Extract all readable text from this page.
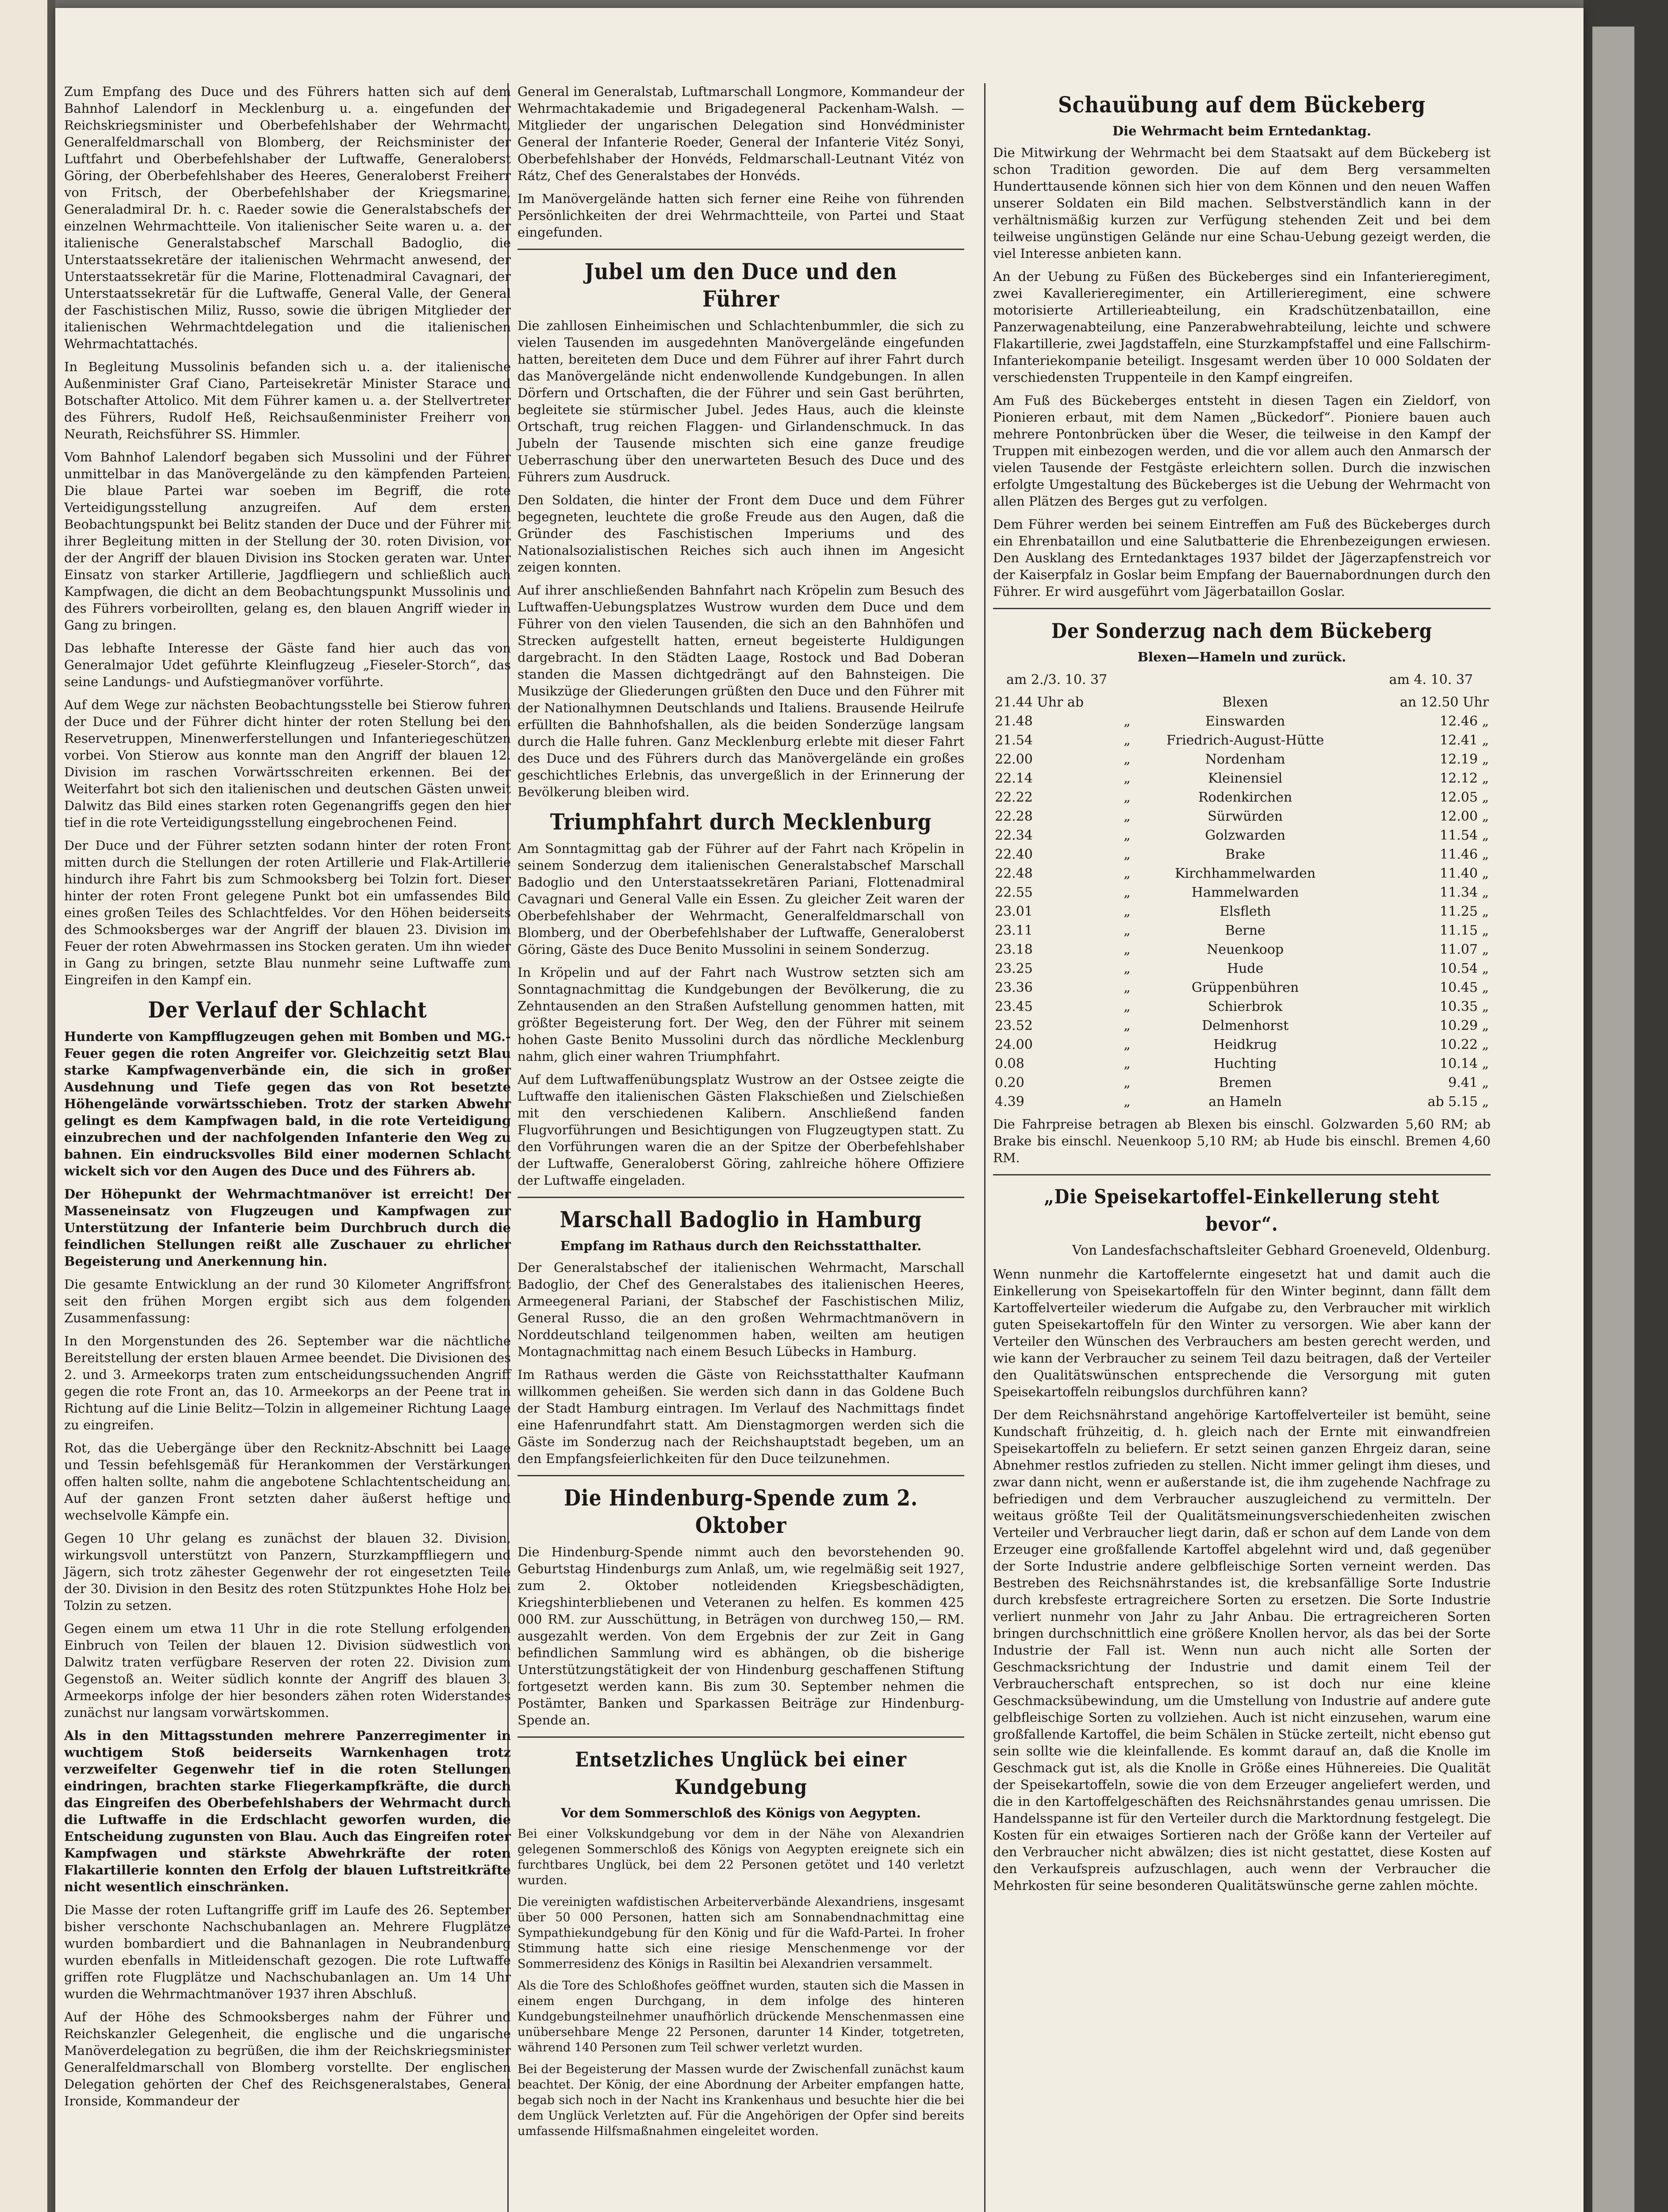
Zum Empfang des Duce und des Führers hatten sich auf dem Bahnhof Lalendorf in Mecklenburg u. a. eingefunden der Reichskriegsminister und Oberbefehlshaber der Wehrmacht, Generalfeldmarschall von Blomberg, der Reichsminister der Luftfahrt und Oberbefehlshaber der Luftwaffe, Generaloberst Göring, der Oberbefehlshaber des Heeres, Generaloberst Freiherr von Fritsch, der Oberbefehlshaber der Kriegsmarine, Generaladmiral Dr. h. c. Raeder sowie die Generalstabschefs der einzelnen Wehrmachtteile. Von italienischer Seite waren u. a. der italienische Generalstabschef Marschall Badoglio, die Unterstaatssekretäre der italienischen Wehrmacht anwesend, der Unterstaatssekretär für die Marine, Flottenadmiral Cavagnari, der Unterstaatssekretär für die Luftwaffe, General Valle, der General der Faschistischen Miliz, Russo, sowie die übrigen Mitglieder der italienischen Wehrmachtdelegation und die italienischen Wehrmachtattachés.

In Begleitung Mussolinis befanden sich u. a. der italienische Außenminister Graf Ciano, Parteisekretär Minister Starace und Botschafter Attolico. Mit dem Führer kamen u. a. der Stellvertreter des Führers, Rudolf Heß, Reichsaußenminister Freiherr von Neurath, Reichsführer SS. Himmler.

Vom Bahnhof Lalendorf begaben sich Mussolini und der Führer unmittelbar in das Manövergelände zu den kämpfenden Parteien. Die blaue Partei war soeben im Begriff, die rote Verteidigungsstellung anzugreifen. Auf dem ersten Beobachtungspunkt bei Belitz standen der Duce und der Führer mit ihrer Begleitung mitten in der Stellung der 30. roten Division, vor der der Angriff der blauen Division ins Stocken geraten war. Unter Einsatz von starker Artillerie, Jagdfliegern und schließlich auch Kampfwagen, die dicht an dem Beobachtungspunkt Mussolinis und des Führers vorbeirollten, gelang es, den blauen Angriff wieder in Gang zu bringen.

Das lebhafte Interesse der Gäste fand hier auch das von Generalmajor Udet geführte Kleinflugzeug „Fieseler-Storch“, das seine Landungs- und Aufstiegmanöver vorführte.

Auf dem Wege zur nächsten Beobachtungsstelle bei Stierow fuhren der Duce und der Führer dicht hinter der roten Stellung bei den Reservetruppen, Minenwerferstellungen und Infanteriegeschützen vorbei. Von Stierow aus konnte man den Angriff der blauen 12. Division im raschen Vorwärtsschreiten erkennen. Bei der Weiterfahrt bot sich den italienischen und deutschen Gästen unweit Dalwitz das Bild eines starken roten Gegenangriffs gegen den hier tief in die rote Verteidigungsstellung eingebrochenen Feind.

Der Duce und der Führer setzten sodann hinter der roten Front mitten durch die Stellungen der roten Artillerie und Flak-Artillerie hindurch ihre Fahrt bis zum Schmooksberg bei Tolzin fort. Dieser hinter der roten Front gelegene Punkt bot ein umfassendes Bild eines großen Teiles des Schlachtfeldes. Vor den Höhen beiderseits des Schmooksberges war der Angriff der blauen 23. Division im Feuer der roten Abwehrmassen ins Stocken geraten. Um ihn wieder in Gang zu bringen, setzte Blau nunmehr seine Luftwaffe zum Eingreifen in den Kampf ein.

Der Verlauf der Schlacht

Hunderte von Kampfflugzeugen gehen mit Bomben und MG.-Feuer gegen die roten Angreifer vor. Gleichzeitig setzt Blau starke Kampfwagenverbände ein, die sich in großer Ausdehnung und Tiefe gegen das von Rot besetzte Höhengelände vorwärtsschieben. Trotz der starken Abwehr gelingt es dem Kampfwagen bald, in die rote Verteidigung einzubrechen und der nachfolgenden Infanterie den Weg zu bahnen. Ein eindrucksvolles Bild einer modernen Schlacht wickelt sich vor den Augen des Duce und des Führers ab.

Der Höhepunkt der Wehrmachtmanöver ist erreicht! Der Masseneinsatz von Flugzeugen und Kampfwagen zur Unterstützung der Infanterie beim Durchbruch durch die feindlichen Stellungen reißt alle Zuschauer zu ehrlicher Begeisterung und Anerkennung hin.

Die gesamte Entwicklung an der rund 30 Kilometer Angriffsfront seit den frühen Morgen ergibt sich aus dem folgenden Zusammenfassung:

In den Morgenstunden des 26. September war die nächtliche Bereitstellung der ersten blauen Armee beendet. Die Divisionen des 2. und 3. Armeekorps traten zum entscheidungssuchenden Angriff gegen die rote Front an, das 10. Armeekorps an der Peene trat in Richtung auf die Linie Belitz—Tolzin in allgemeiner Richtung Laage zu eingreifen.

Rot, das die Uebergänge über den Recknitz-Abschnitt bei Laage und Tessin befehlsgemäß für Herankommen der Verstärkungen offen halten sollte, nahm die angebotene Schlachtentscheidung an. Auf der ganzen Front setzten daher äußerst heftige und wechselvolle Kämpfe ein.

Gegen 10 Uhr gelang es zunächst der blauen 32. Division, wirkungsvoll unterstützt von Panzern, Sturzkampffliegern und Jägern, sich trotz zähester Gegenwehr der rot eingesetzten Teile der 30. Division in den Besitz des roten Stützpunktes Hohe Holz bei Tolzin zu setzen.

Gegen einem um etwa 11 Uhr in die rote Stellung erfolgenden Einbruch von Teilen der blauen 12. Division südwestlich von Dalwitz traten verfügbare Reserven der roten 22. Division zum Gegenstoß an. Weiter südlich konnte der Angriff des blauen 3. Armeekorps infolge der hier besonders zähen roten Widerstandes zunächst nur langsam vorwärtskommen.

Als in den Mittagsstunden mehrere Panzerregimenter in wuchtigem Stoß beiderseits Warnkenhagen trotz verzweifelter Gegenwehr tief in die roten Stellungen eindringen, brachten starke Fliegerkampfkräfte, die durch das Eingreifen des Oberbefehlshabers der Wehrmacht durch die Luftwaffe in die Erdschlacht geworfen wurden, die Entscheidung zugunsten von Blau. Auch das Eingreifen roter Kampfwagen und stärkste Abwehrkräfte der roten Flakartillerie konnten den Erfolg der blauen Luftstreitkräfte nicht wesentlich einschränken.

Die Masse der roten Luftangriffe griff im Laufe des 26. September bisher verschonte Nachschubanlagen an. Mehrere Flugplätze wurden bombardiert und die Bahnanlagen in Neubrandenburg wurden ebenfalls in Mitleidenschaft gezogen. Die rote Luftwaffe griffen rote Flugplätze und Nachschubanlagen an. Um 14 Uhr wurden die Wehrmachtmanöver 1937 ihren Abschluß.

Auf der Höhe des Schmooksberges nahm der Führer und Reichskanzler Gelegenheit, die englische und die ungarische Manöverdelegation zu begrüßen, die ihm der Reichskriegsminister Generalfeldmarschall von Blomberg vorstellte. Der englischen Delegation gehörten der Chef des Reichsgeneralstabes, General Ironside, Kommandeur der

General im Generalstab, Luftmarschall Longmore, Kommandeur der Wehrmachtakademie und Brigadegeneral Packenham-Walsh. — Mitglieder der ungarischen Delegation sind Honvédminister General der Infanterie Roeder, General der Infanterie Vitéz Sonyi, Oberbefehlshaber der Honvéds, Feldmarschall-Leutnant Vitéz von Rátz, Chef des Generalstabes der Honvéds.

Im Manövergelände hatten sich ferner eine Reihe von führenden Persönlichkeiten der drei Wehrmachtteile, von Partei und Staat eingefunden.

Jubel um den Duce und den Führer

Die zahllosen Einheimischen und Schlachtenbummler, die sich zu vielen Tausenden im ausgedehnten Manövergelände eingefunden hatten, bereiteten dem Duce und dem Führer auf ihrer Fahrt durch das Manövergelände nicht endenwollende Kundgebungen. In allen Dörfern und Ortschaften, die der Führer und sein Gast berührten, begleitete sie stürmischer Jubel. Jedes Haus, auch die kleinste Ortschaft, trug reichen Flaggen- und Girlandenschmuck. In das Jubeln der Tausende mischten sich eine ganze freudige Ueberraschung über den unerwarteten Besuch des Duce und des Führers zum Ausdruck.

Den Soldaten, die hinter der Front dem Duce und dem Führer begegneten, leuchtete die große Freude aus den Augen, daß die Gründer des Faschistischen Imperiums und des Nationalsozialistischen Reiches sich auch ihnen im Angesicht zeigen konnten.

Auf ihrer anschließenden Bahnfahrt nach Kröpelin zum Besuch des Luftwaffen-Uebungsplatzes Wustrow wurden dem Duce und dem Führer von den vielen Tausenden, die sich an den Bahnhöfen und Strecken aufgestellt hatten, erneut begeisterte Huldigungen dargebracht. In den Städten Laage, Rostock und Bad Doberan standen die Massen dichtgedrängt auf den Bahnsteigen. Die Musikzüge der Gliederungen grüßten den Duce und den Führer mit der Nationalhymnen Deutschlands und Italiens. Brausende Heilrufe erfüllten die Bahnhofshallen, als die beiden Sonderzüge langsam durch die Halle fuhren. Ganz Mecklenburg erlebte mit dieser Fahrt des Duce und des Führers durch das Manövergelände ein großes geschichtliches Erlebnis, das unvergeßlich in der Erinnerung der Bevölkerung bleiben wird.

Triumphfahrt durch Mecklenburg

Am Sonntagmittag gab der Führer auf der Fahrt nach Kröpelin in seinem Sonderzug dem italienischen Generalstabschef Marschall Badoglio und den Unterstaatssekretären Pariani, Flottenadmiral Cavagnari und General Valle ein Essen. Zu gleicher Zeit waren der Oberbefehlshaber der Wehrmacht, Generalfeldmarschall von Blomberg, und der Oberbefehlshaber der Luftwaffe, Generaloberst Göring, Gäste des Duce Benito Mussolini in seinem Sonderzug.

In Kröpelin und auf der Fahrt nach Wustrow setzten sich am Sonntagnachmittag die Kundgebungen der Bevölkerung, die zu Zehntausenden an den Straßen Aufstellung genommen hatten, mit größter Begeisterung fort. Der Weg, den der Führer mit seinem hohen Gaste Benito Mussolini durch das nördliche Mecklenburg nahm, glich einer wahren Triumphfahrt.

Auf dem Luftwaffenübungsplatz Wustrow an der Ostsee zeigte die Luftwaffe den italienischen Gästen Flakschießen und Zielschießen mit den verschiedenen Kalibern. Anschließend fanden Flugvorführungen und Besichtigungen von Flugzeugtypen statt. Zu den Vorführungen waren die an der Spitze der Oberbefehlshaber der Luftwaffe, Generaloberst Göring, zahlreiche höhere Offiziere der Luftwaffe eingeladen.

Marschall Badoglio in Hamburg
Empfang im Rathaus durch den Reichsstatthalter.

Der Generalstabschef der italienischen Wehrmacht, Marschall Badoglio, der Chef des Generalstabes des italienischen Heeres, Armeegeneral Pariani, der Stabschef der Faschistischen Miliz, General Russo, die an den großen Wehrmachtmanövern in Norddeutschland teilgenommen haben, weilten am heutigen Montagnachmittag nach einem Besuch Lübecks in Hamburg.

Im Rathaus werden die Gäste von Reichsstatthalter Kaufmann willkommen geheißen. Sie werden sich dann in das Goldene Buch der Stadt Hamburg eintragen. Im Verlauf des Nachmittags findet eine Hafenrundfahrt statt. Am Dienstagmorgen werden sich die Gäste im Sonderzug nach der Reichshauptstadt begeben, um an den Empfangsfeierlichkeiten für den Duce teilzunehmen.

Die Hindenburg-Spende zum 2. Oktober

Die Hindenburg-Spende nimmt auch den bevorstehenden 90. Geburtstag Hindenburgs zum Anlaß, um, wie regelmäßig seit 1927, zum 2. Oktober notleidenden Kriegsbeschädigten, Kriegshinterbliebenen und Veteranen zu helfen. Es kommen 425 000 RM. zur Ausschüttung, in Beträgen von durchweg 150,— RM. ausgezahlt werden. Von dem Ergebnis der zur Zeit in Gang befindlichen Sammlung wird es abhängen, ob die bisherige Unterstützungstätigkeit der von Hindenburg geschaffenen Stiftung fortgesetzt werden kann. Bis zum 30. September nehmen die Postämter, Banken und Sparkassen Beiträge zur Hindenburg-Spende an.

Entsetzliches Unglück bei einer Kundgebung
Vor dem Sommerschloß des Königs von Aegypten.

Bei einer Volkskundgebung vor dem in der Nähe von Alexandrien gelegenen Sommerschloß des Königs von Aegypten ereignete sich ein furchtbares Unglück, bei dem 22 Personen getötet und 140 verletzt wurden.

Die vereinigten wafdistischen Arbeiterverbände Alexandriens, insgesamt über 50 000 Personen, hatten sich am Sonnabendnachmittag eine Sympathiekundgebung für den König und für die Wafd-Partei. In froher Stimmung hatte sich eine riesige Menschenmenge vor der Sommerresidenz des Königs in Rasiltin bei Alexandrien versammelt.

Als die Tore des Schloßhofes geöffnet wurden, stauten sich die Massen in einem engen Durchgang, in dem infolge des hinteren Kundgebungsteilnehmer unaufhörlich drückende Menschenmassen eine unübersehbare Menge 22 Personen, darunter 14 Kinder, totgetreten, während 140 Personen zum Teil schwer verletzt wurden.

Bei der Begeisterung der Massen wurde der Zwischenfall zunächst kaum beachtet. Der König, der eine Abordnung der Arbeiter empfangen hatte, begab sich noch in der Nacht ins Krankenhaus und besuchte hier die bei dem Unglück Verletzten auf. Für die Angehörigen der Opfer sind bereits umfassende Hilfsmaßnahmen eingeleitet worden.

Schauübung auf dem Bückeberg
Die Wehrmacht beim Erntedanktag.

Die Mitwirkung der Wehrmacht bei dem Staatsakt auf dem Bückeberg ist schon Tradition geworden. Die auf dem Berg versammelten Hunderttausende können sich hier von dem Können und den neuen Waffen unserer Soldaten ein Bild machen. Selbstverständlich kann in der verhältnismäßig kurzen zur Verfügung stehenden Zeit und bei dem teilweise ungünstigen Gelände nur eine Schau-Uebung gezeigt werden, die viel Interesse anbieten kann.

An der Uebung zu Füßen des Bückeberges sind ein Infanterieregiment, zwei Kavallerieregimenter, ein Artillerieregiment, eine schwere motorisierte Artillerieabteilung, ein Kradschützenbataillon, eine Panzerwagenabteilung, eine Panzerabwehrabteilung, leichte und schwere Flakartillerie, zwei Jagdstaffeln, eine Sturzkampfstaffel und eine Fallschirm-Infanteriekompanie beteiligt. Insgesamt werden über 10 000 Soldaten der verschiedensten Truppenteile in den Kampf eingreifen.

Am Fuß des Bückeberges entsteht in diesen Tagen ein Zieldorf, von Pionieren erbaut, mit dem Namen „Bückedorf“. Pioniere bauen auch mehrere Pontonbrücken über die Weser, die teilweise in den Kampf der Truppen mit einbezogen werden, und die vor allem auch den Anmarsch der vielen Tausende der Festgäste erleichtern sollen. Durch die inzwischen erfolgte Umgestaltung des Bückeberges ist die Uebung der Wehrmacht von allen Plätzen des Berges gut zu verfolgen.

Dem Führer werden bei seinem Eintreffen am Fuß des Bückeberges durch ein Ehrenbataillon und eine Salutbatterie die Ehrenbezeigungen erwiesen. Den Ausklang des Erntedanktages 1937 bildet der Jägerzapfenstreich vor der Kaiserpfalz in Goslar beim Empfang der Bauernabordnungen durch den Führer. Er wird ausgeführt vom Jägerbataillon Goslar.

Der Sonderzug nach dem Bückeberg
Blexen—Hameln und zurück.
am 2./3. 10. 37			am 4. 10. 37
21.44 Uhr ab		Blexen	an 12.50 Uhr
21.48	„	Einswarden	12.46 „
21.54	„	Friedrich-August-Hütte	12.41 „
22.00	„	Nordenham	12.19 „
22.14	„	Kleinensiel	12.12 „
22.22	„	Rodenkirchen	12.05 „
22.28	„	Sürwürden	12.00 „
22.34	„	Golzwarden	11.54 „
22.40	„	Brake	11.46 „
22.48	„	Kirchhammelwarden	11.40 „
22.55	„	Hammelwarden	11.34 „
23.01	„	Elsfleth	11.25 „
23.11	„	Berne	11.15 „
23.18	„	Neuenkoop	11.07 „
23.25	„	Hude	10.54 „
23.36	„	Grüppenbühren	10.45 „
23.45	„	Schierbrok	10.35 „
23.52	„	Delmenhorst	10.29 „
24.00	„	Heidkrug	10.22 „
0.08	„	Huchting	10.14 „
0.20	„	Bremen	9.41 „
4.39	„	an Hameln	ab 5.15 „
Die Fahrpreise betragen ab Blexen bis einschl. Golzwarden 5,60 RM; ab Brake bis einschl. Neuenkoop 5,10 RM; ab Hude bis einschl. Bremen 4,60 RM.
„Die Speisekartoffel-Einkellerung steht bevor“.
Von Landesfachschaftsleiter Gebhard Groeneveld, Oldenburg.

Wenn nunmehr die Kartoffelernte eingesetzt hat und damit auch die Einkellerung von Speisekartoffeln für den Winter beginnt, dann fällt dem Kartoffelverteiler wiederum die Aufgabe zu, den Verbraucher mit wirklich guten Speisekartoffeln für den Winter zu versorgen. Wie aber kann der Verteiler den Wünschen des Verbrauchers am besten gerecht werden, und wie kann der Verbraucher zu seinem Teil dazu beitragen, daß der Verteiler den Qualitätswünschen entsprechende die Versorgung mit guten Speisekartoffeln reibungslos durchführen kann?

Der dem Reichsnährstand angehörige Kartoffelverteiler ist bemüht, seine Kundschaft frühzeitig, d. h. gleich nach der Ernte mit einwandfreien Speisekartoffeln zu beliefern. Er setzt seinen ganzen Ehrgeiz daran, seine Abnehmer restlos zufrieden zu stellen. Nicht immer gelingt ihm dieses, und zwar dann nicht, wenn er außerstande ist, die ihm zugehende Nachfrage zu befriedigen und dem Verbraucher auszugleichend zu vermitteln. Der weitaus größte Teil der Qualitätsmeinungsverschiedenheiten zwischen Verteiler und Verbraucher liegt darin, daß er schon auf dem Lande von dem Erzeuger eine großfallende Kartoffel abgelehnt wird und, daß gegenüber der Sorte Industrie andere gelbfleischige Sorten verneint werden. Das Bestreben des Reichsnährstandes ist, die krebsanfällige Sorte Industrie durch krebsfeste ertragreichere Sorten zu ersetzen. Die Sorte Industrie verliert nunmehr von Jahr zu Jahr Anbau. Die ertragreicheren Sorten bringen durchschnittlich eine größere Knollen hervor, als das bei der Sorte Industrie der Fall ist. Wenn nun auch nicht alle Sorten der Geschmacksrichtung der Industrie und damit einem Teil der Verbraucherschaft entsprechen, so ist doch nur eine kleine Geschmacksübewindung, um die Umstellung von Industrie auf andere gute gelbfleischige Sorten zu vollziehen. Auch ist nicht einzusehen, warum eine großfallende Kartoffel, die beim Schälen in Stücke zerteilt, nicht ebenso gut sein sollte wie die kleinfallende. Es kommt darauf an, daß die Knolle im Geschmack gut ist, als die Knolle in Größe eines Hühnereies. Die Qualität der Speisekartoffeln, sowie die von dem Erzeuger angeliefert werden, und die in den Kartoffelgeschäften des Reichsnährstandes genau umrissen. Die Handelsspanne ist für den Verteiler durch die Marktordnung festgelegt. Die Kosten für ein etwaiges Sortieren nach der Größe kann der Verteiler auf den Verbraucher nicht abwälzen; dies ist nicht gestattet, diese Kosten auf den Verkaufspreis aufzuschlagen, auch wenn der Verbraucher die Mehrkosten für seine besonderen Qualitätswünsche gerne zahlen möchte.
